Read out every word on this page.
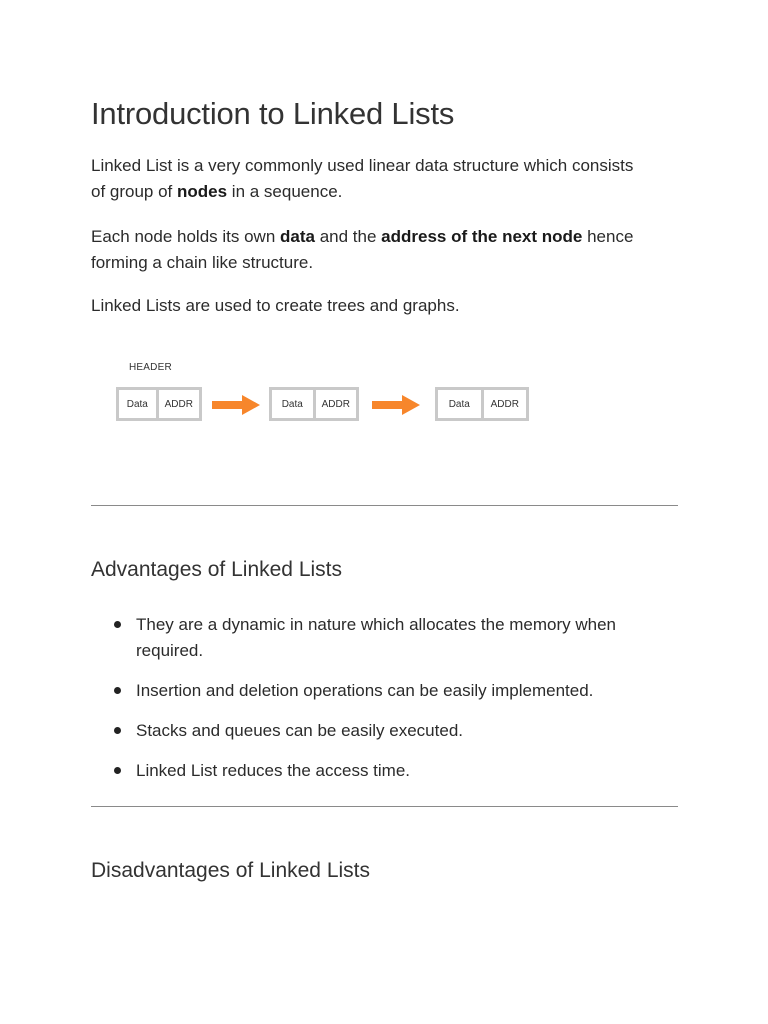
Introduction to Linked Lists

Linked List is a very commonly used linear data structure which consists of group of nodes in a sequence.

Each node holds its own data and the address of the next node hence forming a chain like structure.

Linked Lists are used to create trees and graphs.

HEADER
Data	ADDR	Data	ADDR	Data	ADDR
Advantages of Linked Lists
They are a dynamic in nature which allocates the memory when required.
Insertion and deletion operations can be easily implemented.
Stacks and queues can be easily executed.
Linked List reduces the access time.
Disadvantages of Linked Lists
